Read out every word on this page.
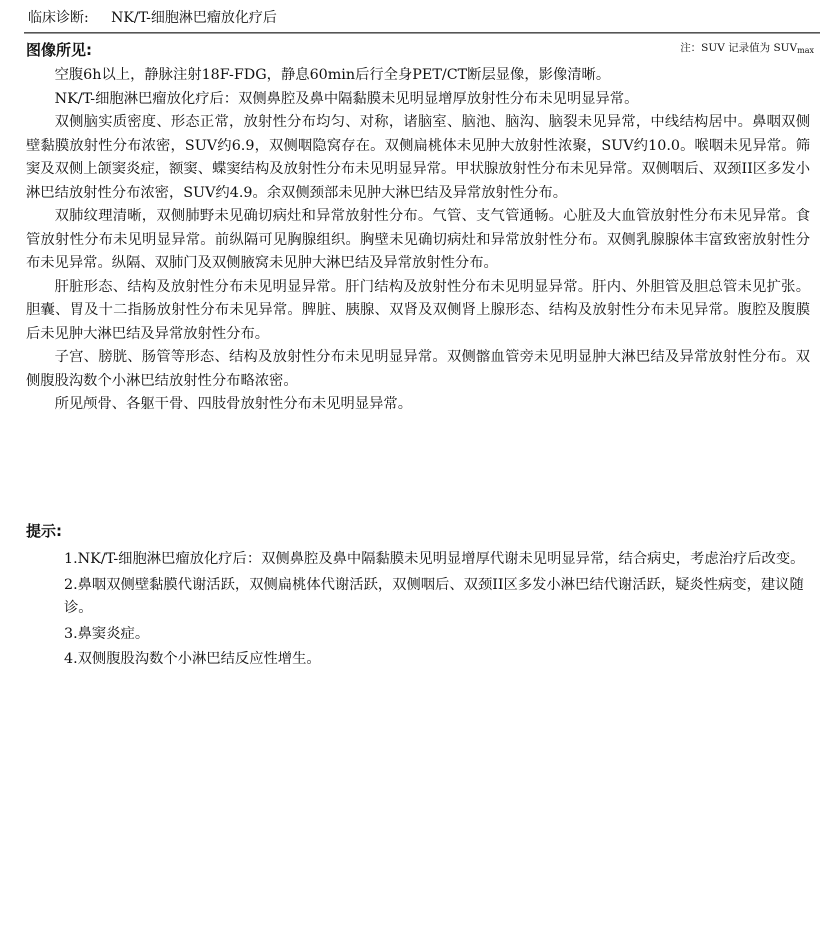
临床诊断: NK/T-细胞淋巴瘤放化疗后
图像所见:	注：SUV 记录值为 $SUV_{max}$

空腹6h以上，静脉注射18F-FDG，静息60min后行全身PET/CT断层显像，影像清晰。

NK/T-细胞淋巴瘤放化疗后：双侧鼻腔及鼻中隔黏膜未见明显增厚放射性分布未见明显异常。

双侧脑实质密度、形态正常，放射性分布均匀、对称，诸脑室、脑池、脑沟、脑裂未见异常，中线结构居中。鼻咽双侧壁黏膜放射性分布浓密，SUV约6.9，双侧咽隐窝存在。双侧扁桃体未见肿大放射性浓聚，SUV约10.0。喉咽未见异常。筛窦及双侧上颌窦炎症，额窦、蝶窦结构及放射性分布未见明显异常。甲状腺放射性分布未见异常。双侧咽后、双颈II区多发小淋巴结放射性分布浓密，SUV约4.9。余双侧颈部未见肿大淋巴结及异常放射性分布。

双肺纹理清晰，双侧肺野未见确切病灶和异常放射性分布。气管、支气管通畅。心脏及大血管放射性分布未见异常。食管放射性分布未见明显异常。前纵隔可见胸腺组织。胸壁未见确切病灶和异常放射性分布。双侧乳腺腺体丰富致密放射性分布未见异常。纵隔、双肺门及双侧腋窝未见肿大淋巴结及异常放射性分布。

肝脏形态、结构及放射性分布未见明显异常。肝门结构及放射性分布未见明显异常。肝内、外胆管及胆总管未见扩张。胆囊、胃及十二指肠放射性分布未见异常。脾脏、胰腺、双肾及双侧肾上腺形态、结构及放射性分布未见异常。腹腔及腹膜后未见肿大淋巴结及异常放射性分布。

子宫、膀胱、肠管等形态、结构及放射性分布未见明显异常。双侧髂血管旁未见明显肿大淋巴结及异常放射性分布。双侧腹股沟数个小淋巴结放射性分布略浓密。

所见颅骨、各躯干骨、四肢骨放射性分布未见明显异常。

提示:
1.NK/T-细胞淋巴瘤放化疗后：双侧鼻腔及鼻中隔黏膜未见明显增厚代谢未见明显异常，结合病史，考虑治疗后改变。
2.鼻咽双侧壁黏膜代谢活跃，双侧扁桃体代谢活跃，双侧咽后、双颈II区多发小淋巴结代谢活跃，疑炎性病变，建议随诊。
3.鼻窦炎症。
4.双侧腹股沟数个小淋巴结反应性增生。
